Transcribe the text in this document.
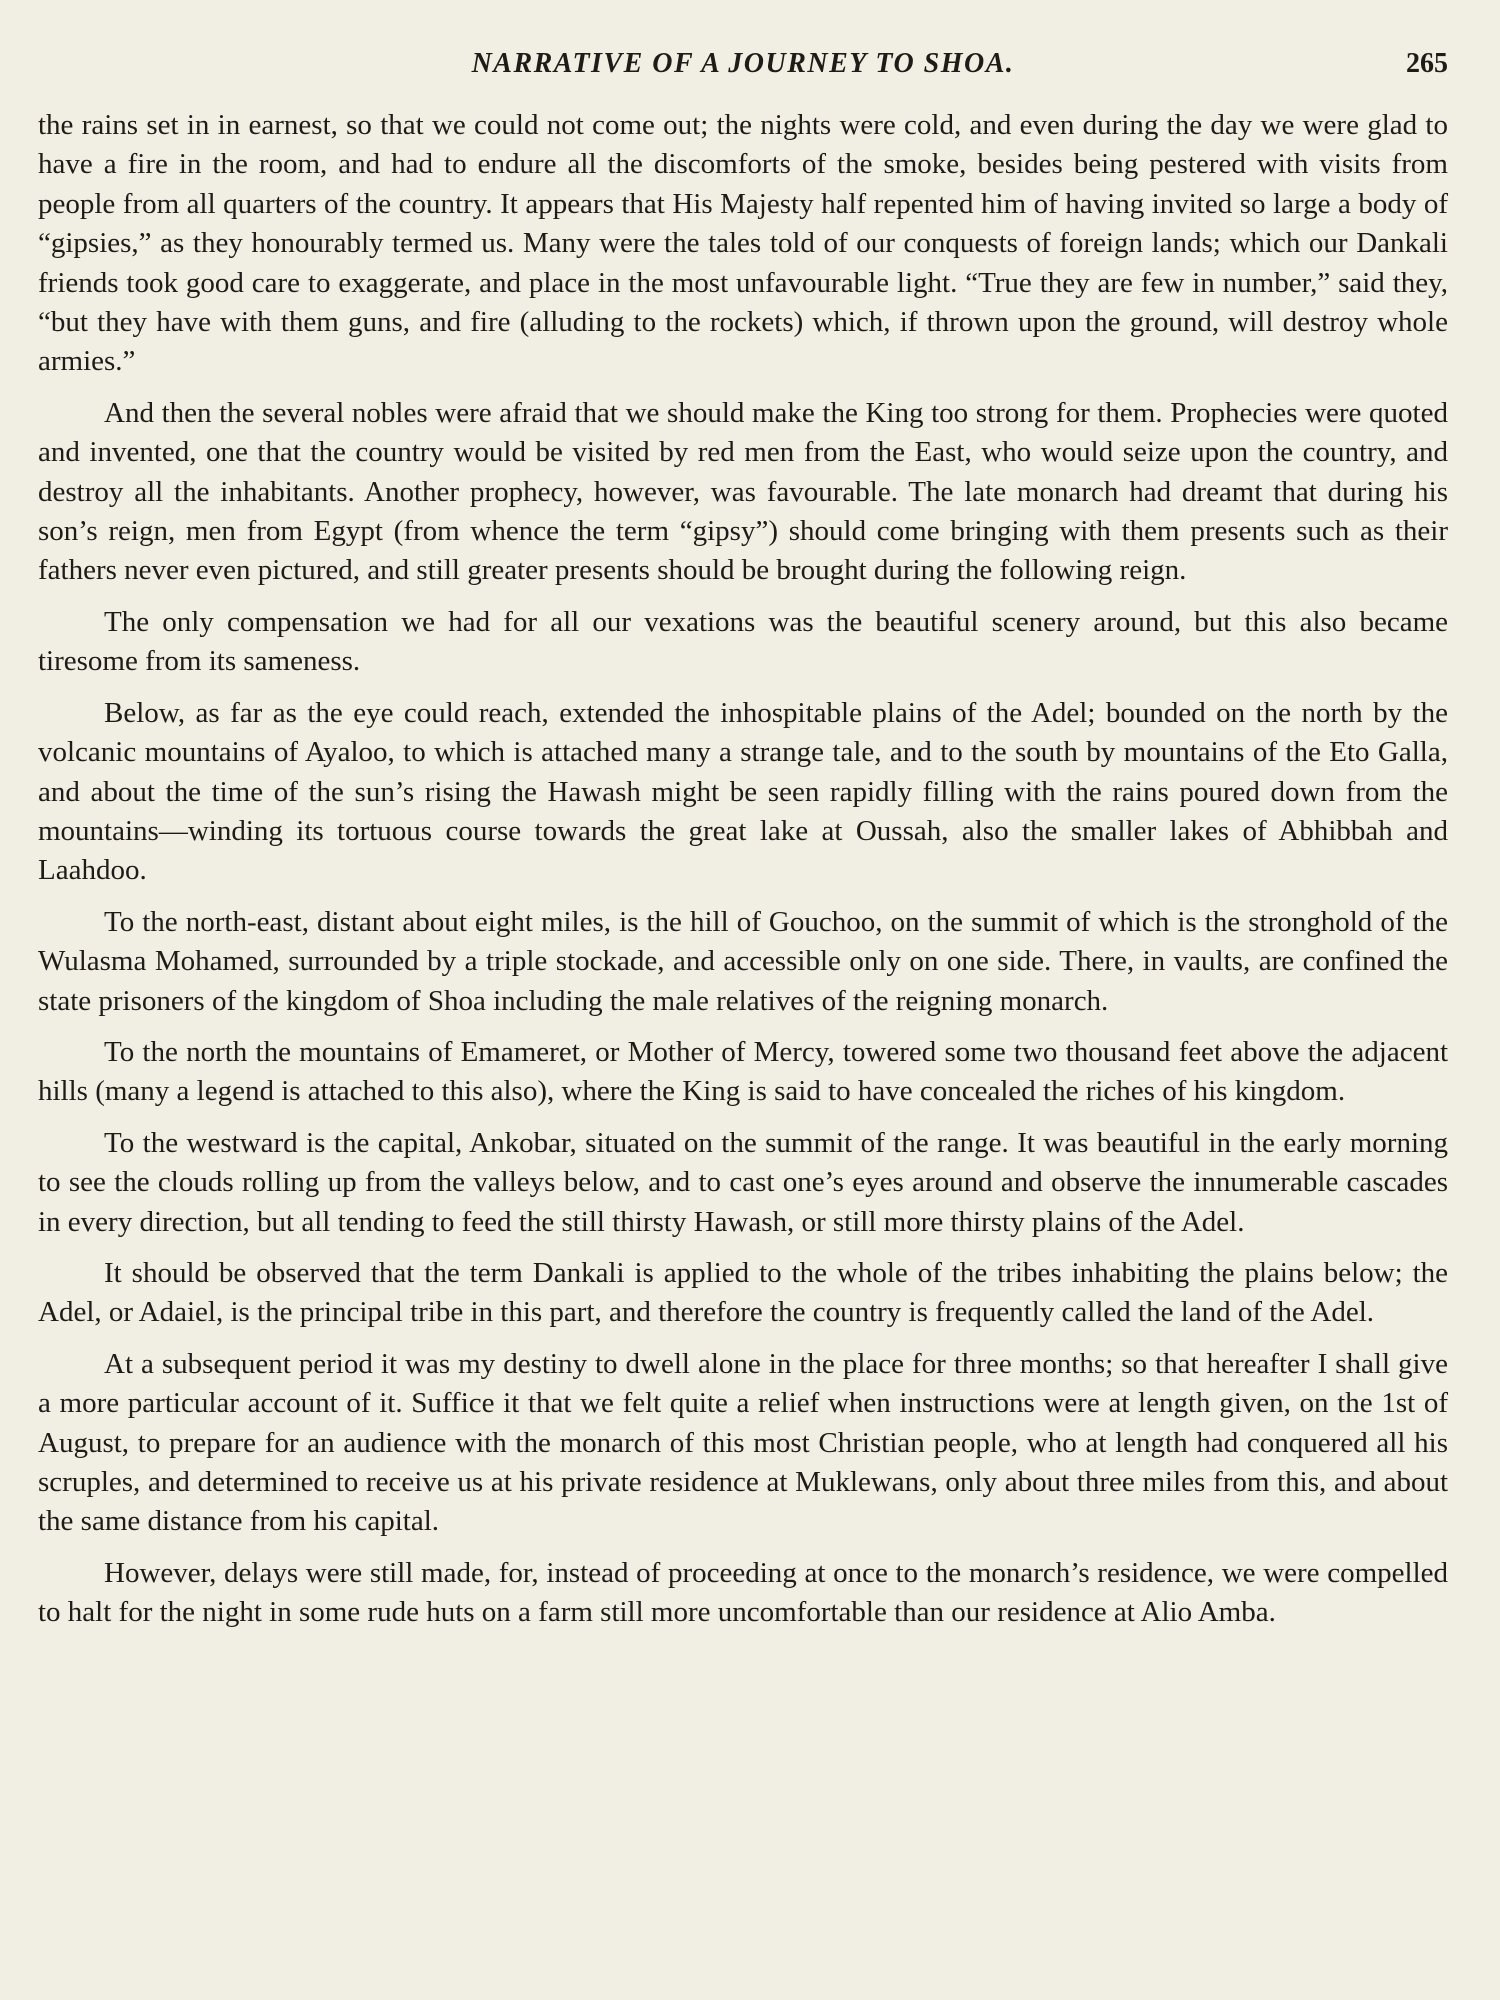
NARRATIVE OF A JOURNEY TO SHOA.	265

the rains set in in earnest, so that we could not come out; the nights were cold, and even during the day we were glad to have a fire in the room, and had to endure all the discomforts of the smoke, besides being pestered with visits from people from all quarters of the country. It appears that His Majesty half repented him of having invited so large a body of “gipsies,” as they honourably termed us. Many were the tales told of our conquests of foreign lands; which our Dankali friends took good care to exaggerate, and place in the most unfavourable light. “True they are few in number,” said they, “but they have with them guns, and fire (alluding to the rockets) which, if thrown upon the ground, will destroy whole armies.”

And then the several nobles were afraid that we should make the King too strong for them. Prophecies were quoted and invented, one that the country would be visited by red men from the East, who would seize upon the country, and destroy all the inhabitants. Another prophecy, however, was favourable. The late monarch had dreamt that during his son’s reign, men from Egypt (from whence the term “gipsy”) should come bringing with them presents such as their fathers never even pictured, and still greater presents should be brought during the following reign.

The only compensation we had for all our vexations was the beautiful scenery around, but this also became tiresome from its sameness.

Below, as far as the eye could reach, extended the inhospitable plains of the Adel; bounded on the north by the volcanic mountains of Ayaloo, to which is attached many a strange tale, and to the south by mountains of the Eto Galla, and about the time of the sun’s rising the Hawash might be seen rapidly filling with the rains poured down from the mountains—winding its tortuous course towards the great lake at Oussah, also the smaller lakes of Abhibbah and Laahdoo.

To the north-east, distant about eight miles, is the hill of Gouchoo, on the summit of which is the stronghold of the Wulasma Mohamed, surrounded by a triple stockade, and accessible only on one side. There, in vaults, are confined the state prisoners of the kingdom of Shoa including the male relatives of the reigning monarch.

To the north the mountains of Emameret, or Mother of Mercy, towered some two thousand feet above the adjacent hills (many a legend is attached to this also), where the King is said to have concealed the riches of his kingdom.

To the westward is the capital, Ankobar, situated on the summit of the range. It was beautiful in the early morning to see the clouds rolling up from the valleys below, and to cast one’s eyes around and observe the innumerable cascades in every direction, but all tending to feed the still thirsty Hawash, or still more thirsty plains of the Adel.

It should be observed that the term Dankali is applied to the whole of the tribes inhabiting the plains below; the Adel, or Adaiel, is the principal tribe in this part, and therefore the country is frequently called the land of the Adel.

At a subsequent period it was my destiny to dwell alone in the place for three months; so that hereafter I shall give a more particular account of it. Suffice it that we felt quite a relief when instructions were at length given, on the 1st of August, to prepare for an audience with the monarch of this most Christian people, who at length had conquered all his scruples, and determined to receive us at his private residence at Muklewans, only about three miles from this, and about the same distance from his capital.

However, delays were still made, for, instead of proceeding at once to the monarch’s residence, we were compelled to halt for the night in some rude huts on a farm still more uncomfortable than our residence at Alio Amba.
